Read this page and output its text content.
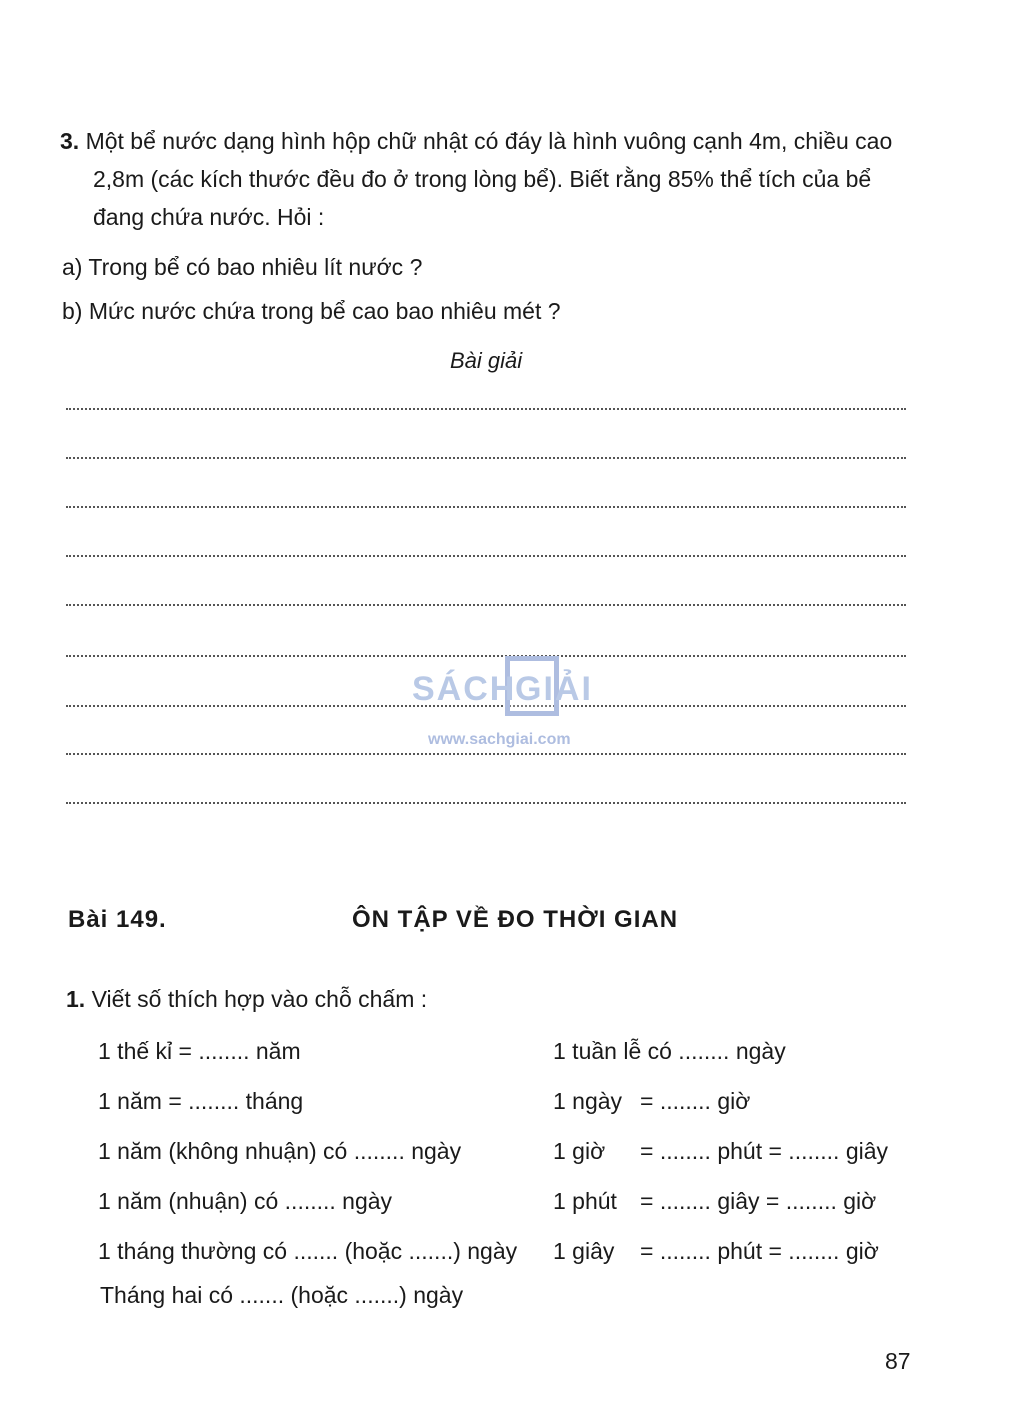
3. Một bể nước dạng hình hộp chữ nhật có đáy là hình vuông cạnh 4m, chiều cao
2,8m (các kích thước đều đo ở trong lòng bể). Biết rằng 85% thể tích của bể
đang chứa nước. Hỏi :
a) Trong bể có bao nhiêu lít nước ?
b) Mức nước chứa trong bể cao bao nhiêu mét ?
Bài giải
SÁCH
GIẢI
www.sachgiai.com
Bài 149.	ÔN TẬP VỀ ĐO THỜI GIAN
1. Viết số thích hợp vào chỗ chấm :
1 thế kỉ = ........ năm
1 năm = ........ tháng
1 năm (không nhuận) có ........ ngày
1 năm (nhuận) có ........ ngày
1 tháng thường có ....... (hoặc .......) ngày
Tháng hai có ....... (hoặc .......) ngày
1 tuần lễ có ........ ngày
1 ngày = ........ giờ
1 giờ = ........ phút = ........ giây
1 phút = ........ giây = ........ giờ
1 giây = ........ phút = ........ giờ
87
